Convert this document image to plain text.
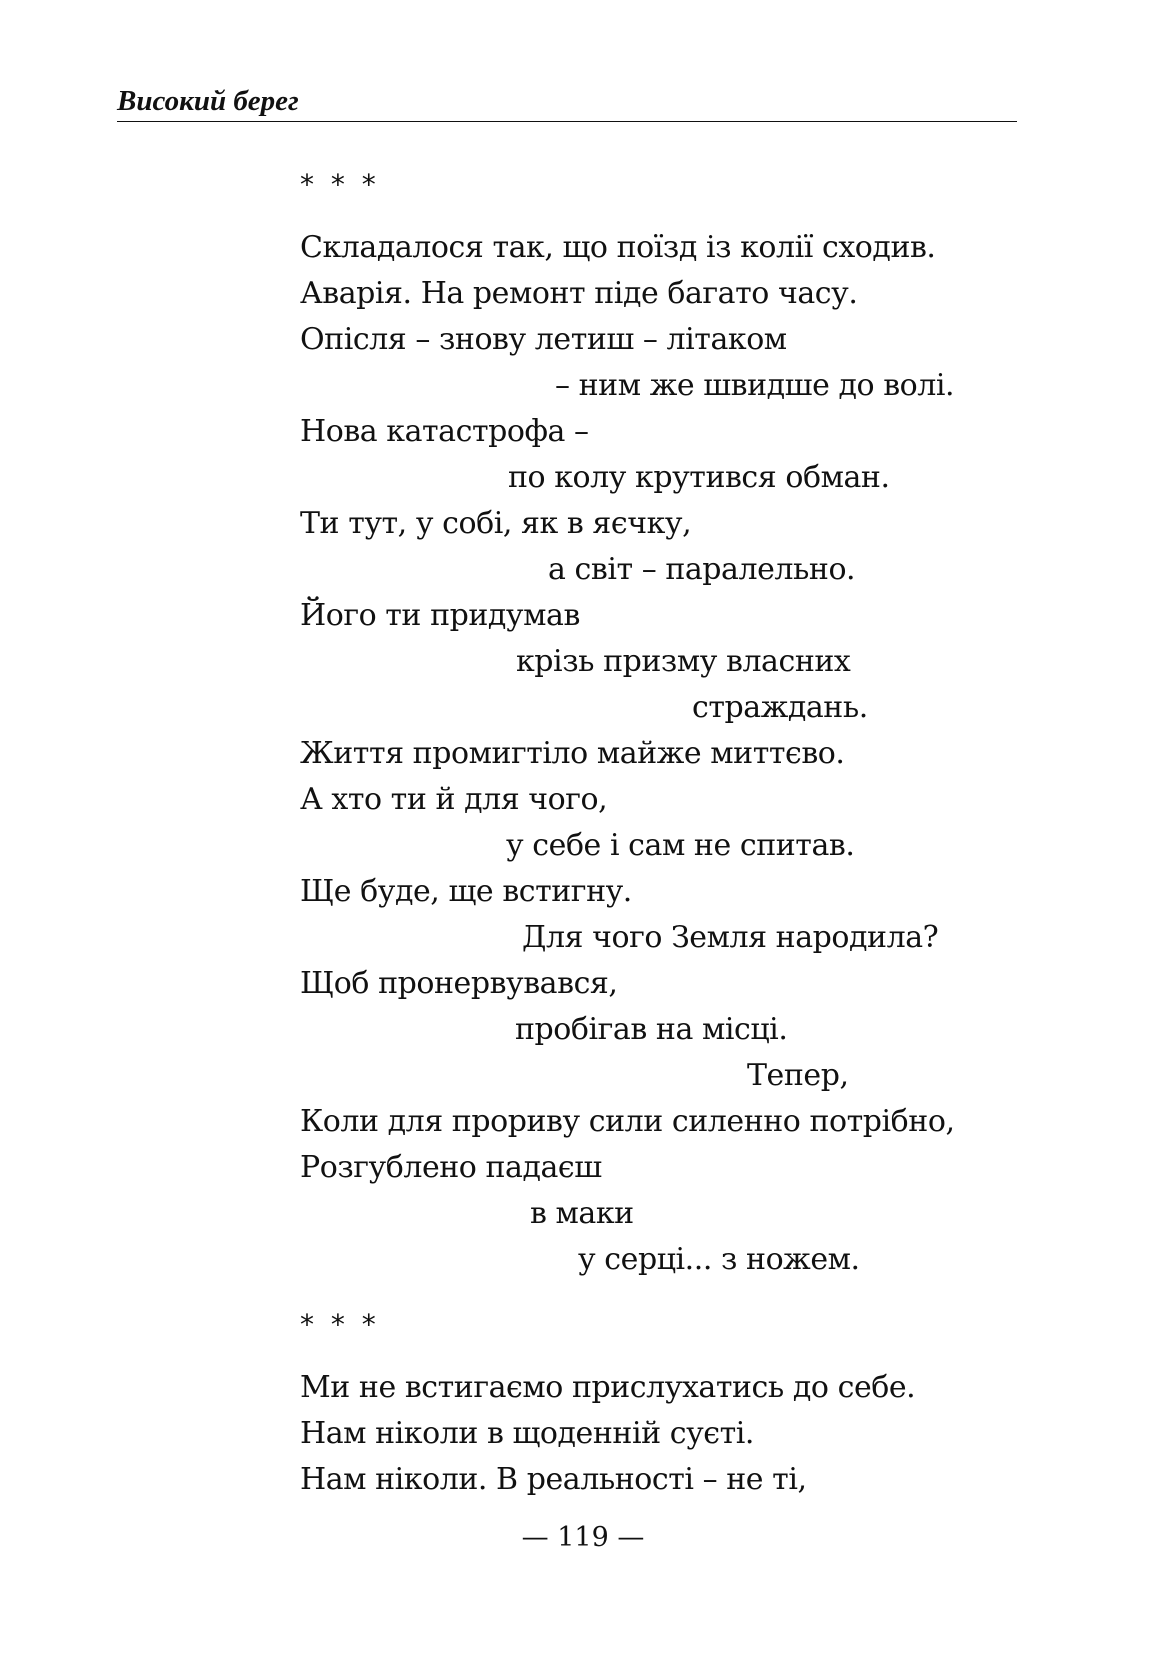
Високий берег
* * *
Складалося так, що поїзд із колії сходив.
Аварія. На ремонт піде багато часу.
Опісля – знову летиш – літаком
– ним же швидше до волі.
Нова катастрофа –
по колу крутився обман.
Ти тут, у собі, як в яєчку,
а світ – паралельно.
Його ти придумав
крізь призму власних
страждань.
Життя промигтіло майже миттєво.
А хто ти й для чого,
у себе і сам не спитав.
Ще буде, ще встигну.
Для чого Земля народила?
Щоб пронервувався,
пробігав на місці.
Тепер,
Коли для прориву сили силенно потрібно,
Розгублено падаєш
в маки
у серці... з ножем.
* * *
Ми не встигаємо прислухатись до себе.
Нам ніколи в щоденній суєті.
Нам ніколи. В реальності – не ті,
— 119 —
